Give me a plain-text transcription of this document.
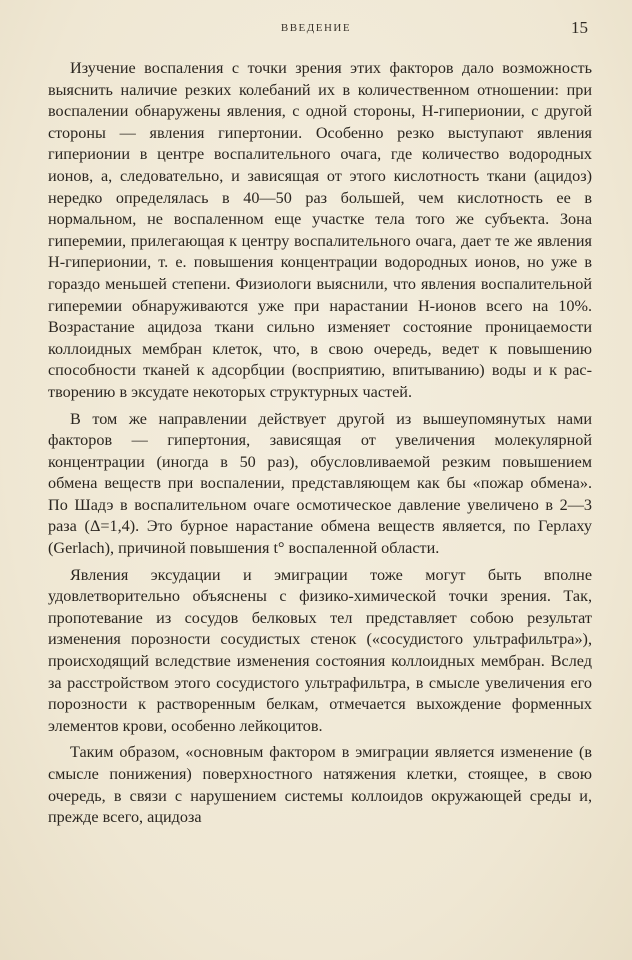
ВВЕДЕНИЕ	15

Изучение воспаления с точки зрения этих факторов дало возможность выяснить наличие резких колебаний их в количественном отношении: при воспалении обнаружены явления, с одной стороны, H-гиперионии, с другой стороны — явления гипертонии. Особенно резко выступают явления гиперионии в центре воспалительного очага, где количество водородных ионов, а, следовательно, и зависящая от этого кислотность ткани (ацидоз) нередко определялась в 40—50 раз большей, чем кислотность ее в нормальном, не воспаленном еще участке тела того же субъекта. Зона гиперемии, прилегающая к центру воспалительного очага, дает те же явления H-гиперионии, т. е. повышения концентрации водородных ионов, но уже в гораздо меньшей степени. Физиологи выяснили, что явления воспалительной гиперемии обнаруживаются уже при нарастании H-ионов всего на 10%. Возрастание ацидоза ткани сильно изменяет состояние проницаемости коллоидных мембран клеток, что, в свою очередь, ведет к повышению способности тканей к адсорбции (восприятию, впитыванию) воды и к рас- творению в эксудате некоторых структурных частей.

В том же направлении действует другой из вышеупомянутых нами факторов — гипертония, зависящая от увеличения молекулярной концентрации (иногда в 50 раз), обусловливаемой резким повышением обмена веществ при воспалении, представляющем как бы «пожар обмена». По Шадэ в воспалительном очаге осмотическое давление увеличено в 2—3 раза (Δ=1,4). Это бурное нарастание обмена веществ является, по Герлаху (Gerlach), причиной повышения t° воспаленной области.

Явления эксудации и эмиграции тоже могут быть вполне удовлетворительно объяснены с физико-химической точки зрения. Так, пропотевание из сосудов белковых тел представляет собою результат изменения порозности сосудистых стенок («сосудистого ультрафильтра»), происходящий вследствие изменения состояния коллоидных мембран. Вслед за расстройством этого сосудистого ультрафильтра, в смысле увеличения его порозности к растворенным белкам, отмечается выхождение форменных элементов крови, особенно лейкоцитов.

Таким образом, «основным фактором в эмиграции является изменение (в смысле понижения) поверхностного натяжения клетки, стоящее, в свою очередь, в связи с нарушением системы коллоидов окружающей среды и, прежде всего, ацидоза
